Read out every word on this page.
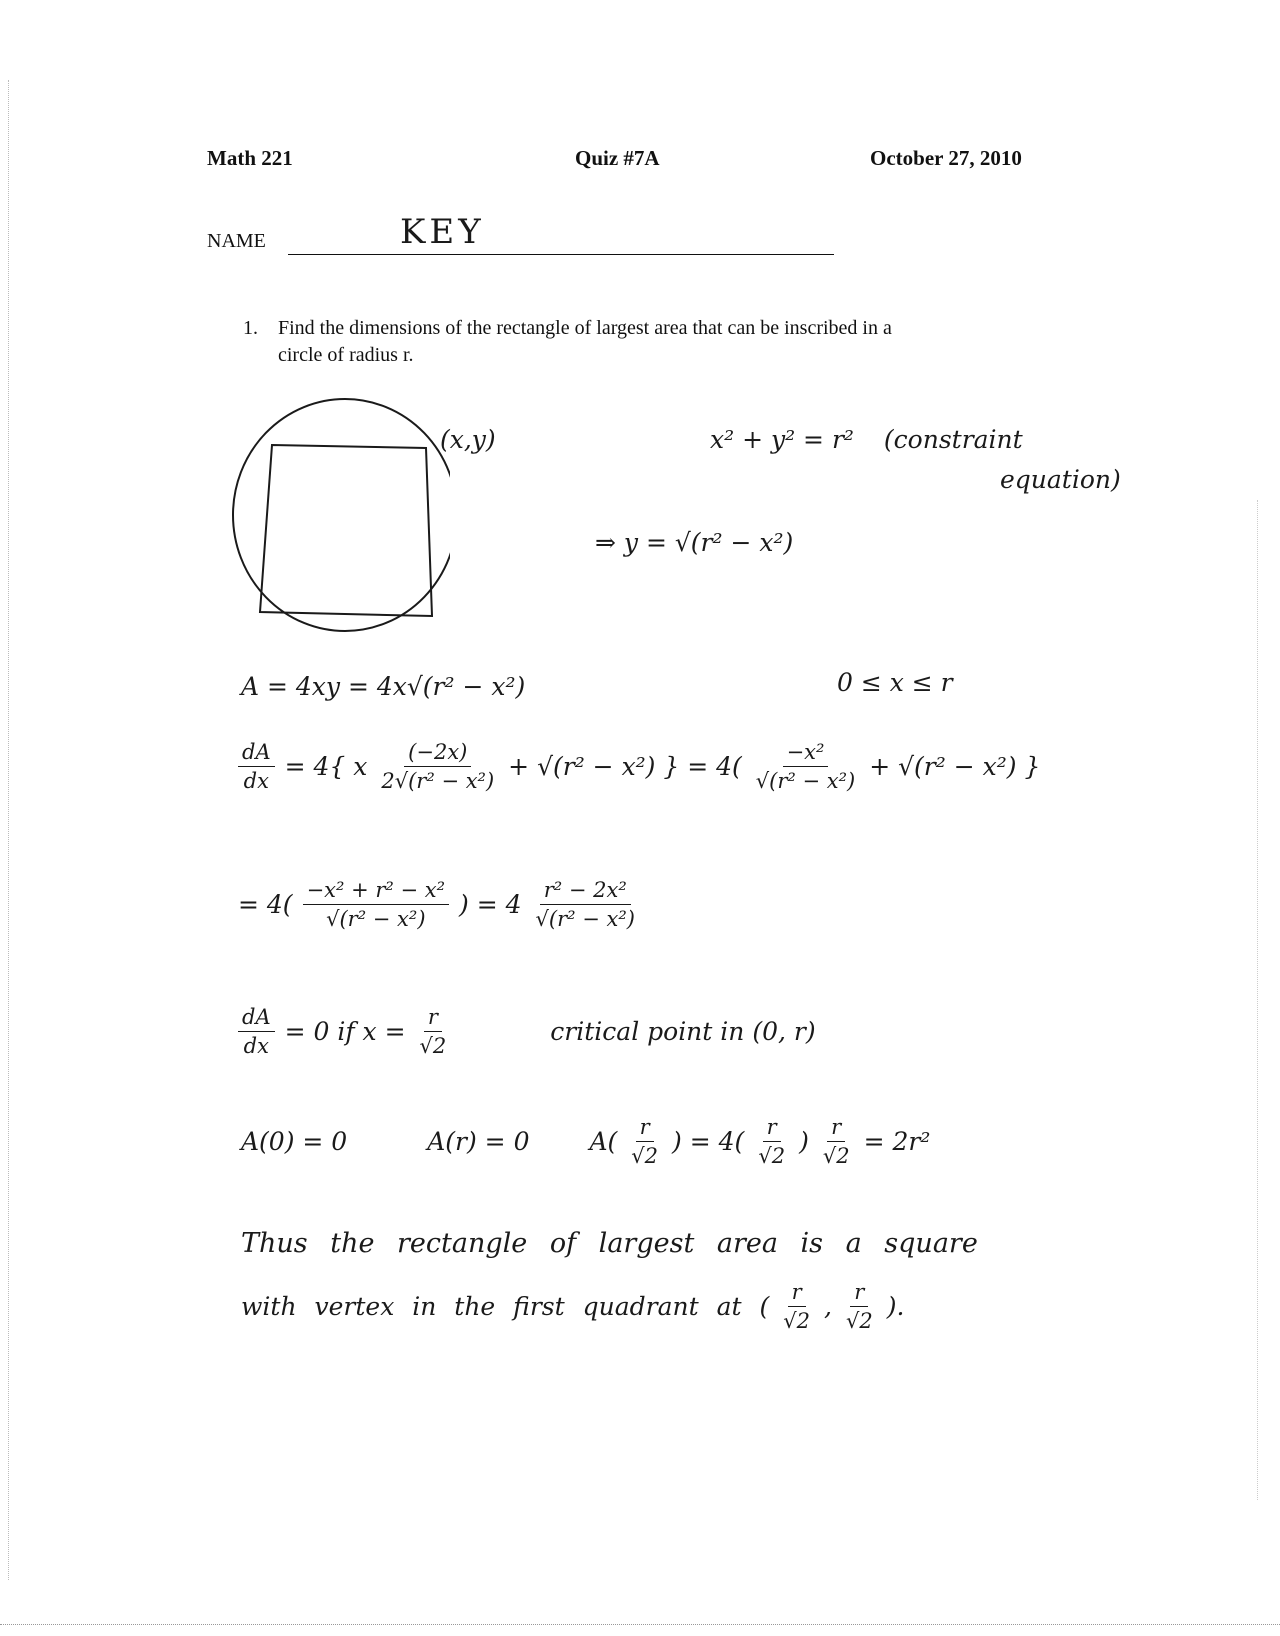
Math 221	Quiz #7A	October 27, 2010
NAME	KEY
1. Find the dimensions of the rectangle of largest area that can be inscribed in a
circle of radius r.
(x,y)	x² + y² = r² (constraint
equation)
⇒ y = √(r² − x²)
A = 4xy = 4x√(r² − x²)	0 ≤ x ≤ r
$\frac{dA}{dx} = 4${ x $\frac{(-2x)}{\text{2√(r² − x²)}} + √(r^2 - x^2)$ } = $4( \frac{\text{−x²}}{\text{√(r² − x²)}} + √(r^2 - x^2)$ }
= $4( \frac{\text{−x² + r² − x²}}{\text{√(r² − x²)}}$ ) = $4 \frac{\text{r² − 2x²}}{\text{√(r² − x²)}}$
$\frac{dA}{dx} = 0$ if $x = \frac{r}{√2}$	critical point in (0, r)
A(0) = 0	A(r) = 0 $A( \frac{r}{√2}$ ) = $4( \frac{r}{√2}$ ) $\frac{r}{√2} = 2r^2$
Thus the rectangle of largest area is a square
with vertex in the first quadrant at ( $\frac{r}{√2}$ , $\frac{r}{√2}$ ).
